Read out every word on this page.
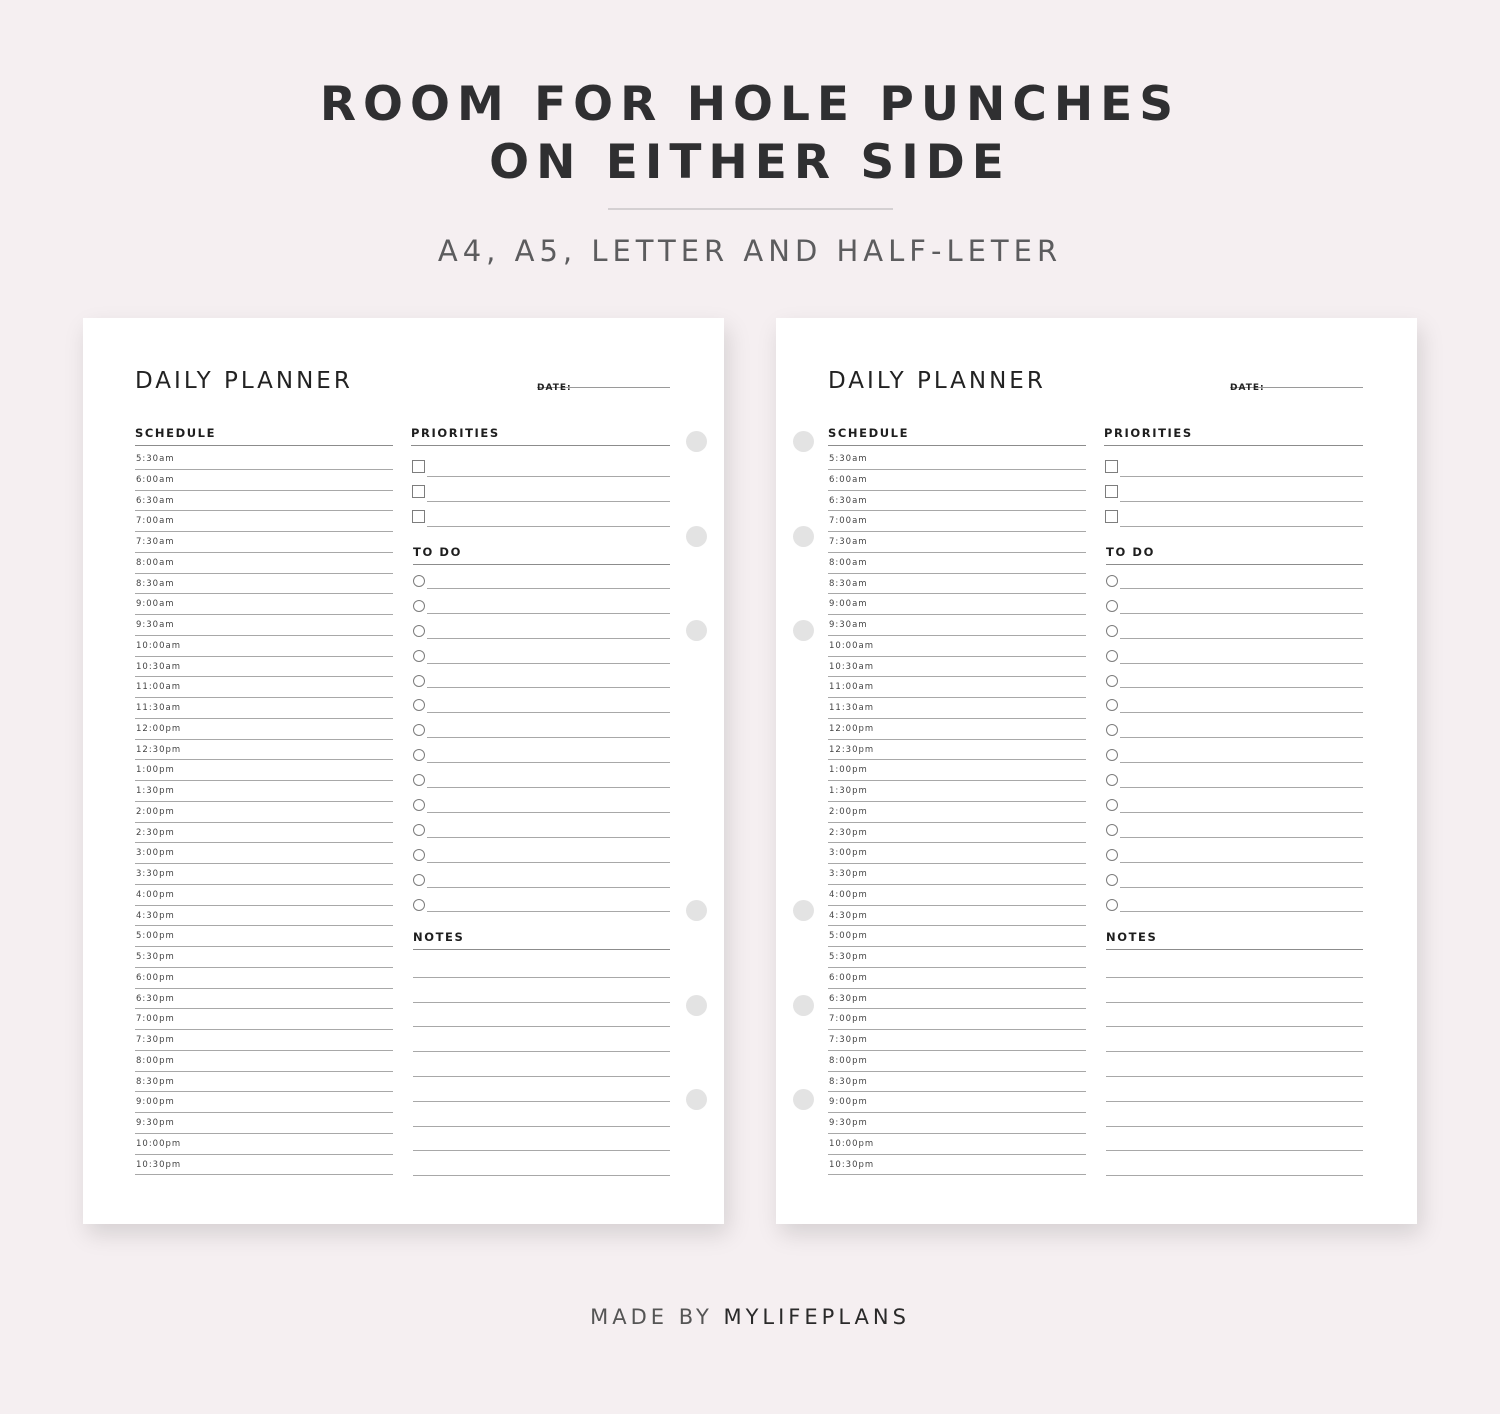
ROOM FOR HOLE PUNCHES
ON EITHER SIDE
A4, A5, LETTER AND HALF-LETER
DAILY PLANNER	DATE:
SCHEDULE	PRIORITIES
TO DO
NOTES
5:30am
6:00am
6:30am
7:00am
7:30am
8:00am
8:30am
9:00am
9:30am
10:00am
10:30am
11:00am
11:30am
12:00pm
12:30pm
1:00pm
1:30pm
2:00pm
2:30pm
3:00pm
3:30pm
4:00pm
4:30pm
5:00pm
5:30pm
6:00pm
6:30pm
7:00pm
7:30pm
8:00pm
8:30pm
9:00pm
9:30pm
10:00pm
10:30pm
DAILY PLANNER	DATE:
SCHEDULE	PRIORITIES
TO DO
NOTES
5:30am
6:00am
6:30am
7:00am
7:30am
8:00am
8:30am
9:00am
9:30am
10:00am
10:30am
11:00am
11:30am
12:00pm
12:30pm
1:00pm
1:30pm
2:00pm
2:30pm
3:00pm
3:30pm
4:00pm
4:30pm
5:00pm
5:30pm
6:00pm
6:30pm
7:00pm
7:30pm
8:00pm
8:30pm
9:00pm
9:30pm
10:00pm
10:30pm
MADE BY MYLIFEPLANS
